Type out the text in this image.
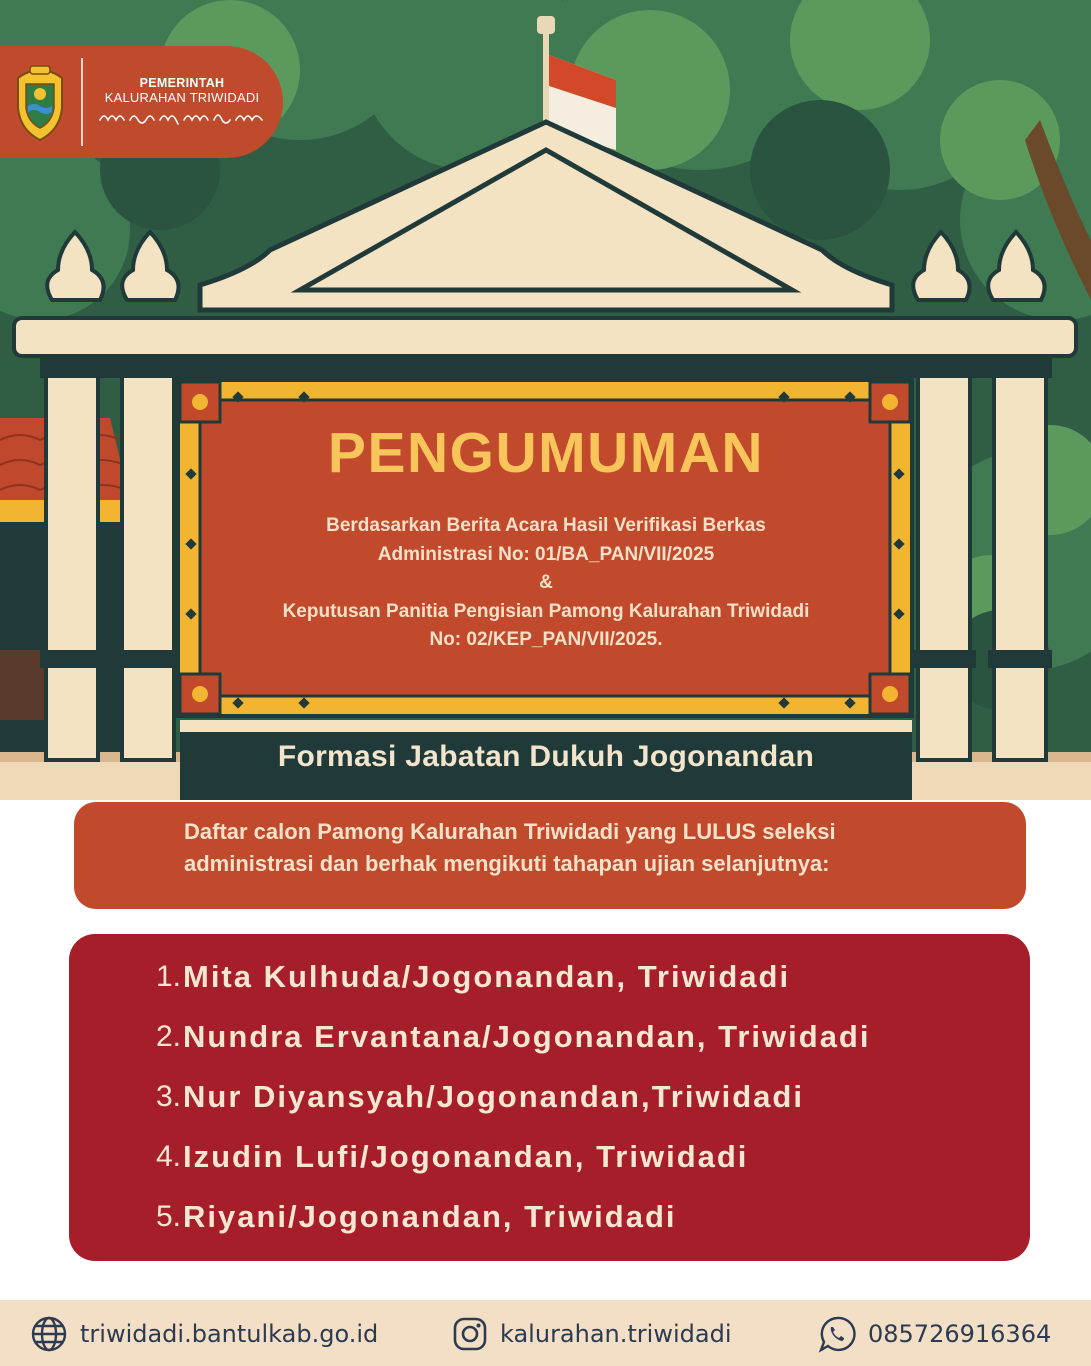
PEMERINTAH
KALURAHAN TRIWIDADI
PENGUMUMAN
Berdasarkan Berita Acara Hasil Verifikasi Berkas
Administrasi No: 01/BA_PAN/VII/2025
&
Keputusan Panitia Pengisian Pamong Kalurahan Triwidadi
No: 02/KEP_PAN/VII/2025.
Formasi Jabatan Dukuh Jogonandan
Daftar calon Pamong Kalurahan Triwidadi yang LULUS seleksi
administrasi dan berhak mengikuti tahapan ujian selanjutnya:
1. Mita Kulhuda/Jogonandan, Triwidadi
2. Nundra Ervantana/Jogonandan, Triwidadi
3. Nur Diyansyah/Jogonandan,Triwidadi
4. Izudin Lufi/Jogonandan, Triwidadi
5. Riyani/Jogonandan, Triwidadi
triwidadi.bantulkab.go.id	kalurahan.triwidadi	085726916364
